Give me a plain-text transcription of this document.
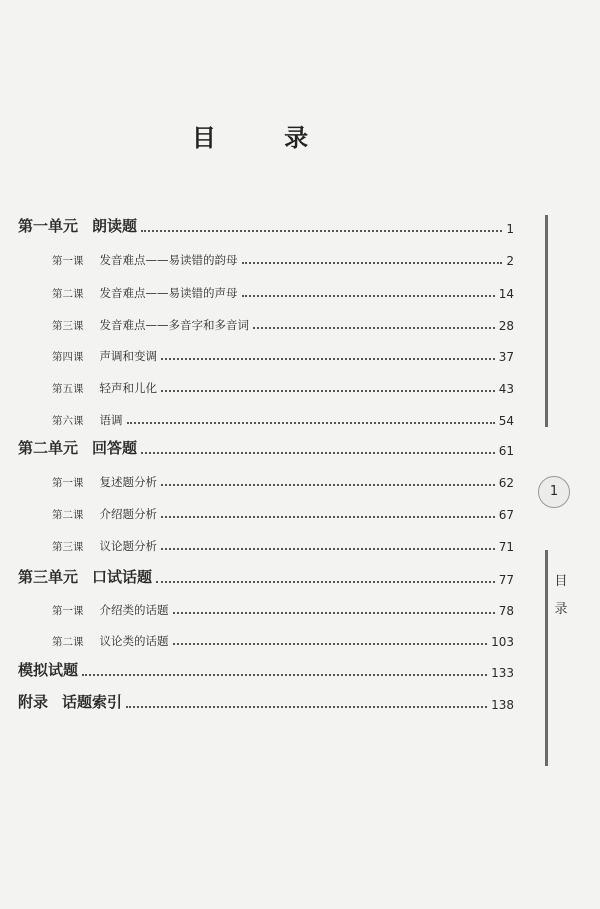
目 录
第一单元 朗读题	1
第一课 发音难点——易读错的韵母	2
第二课 发音难点——易读错的声母	14
第三课 发音难点——多音字和多音词	28
第四课 声调和变调	37
第五课 轻声和儿化	43
第六课 语调	54
第二单元 回答题	61
第一课 复述题分析	62
第二课 介绍题分析	67
第三课 议论题分析	71
第三单元 口试话题	77
第一课 介绍类的话题	78
第二课 议论类的话题	103
模拟试题	133
附录 话题索引	138
1
目录
